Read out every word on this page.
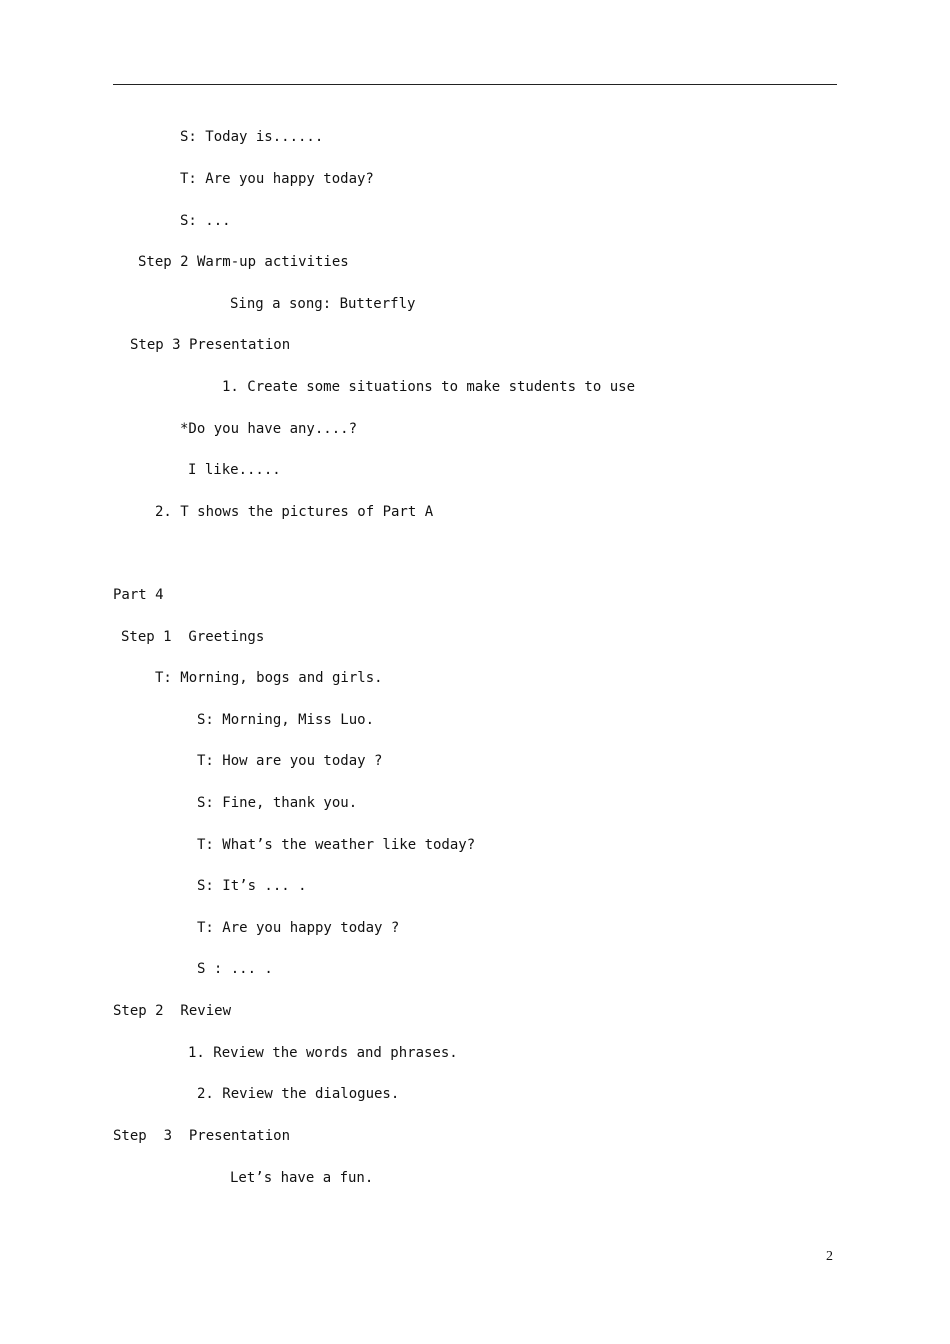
S: Today is......
T: Are you happy today?
S: ...
Step 2 Warm-up activities
Sing a song: Butterfly
Step 3 Presentation
1. Create some situations to make students to use
*Do you have any....?
I like.....
2. T shows the pictures of Part A
Part 4
Step 1  Greetings
T: Morning, bogs and girls.
S: Morning, Miss Luo.
T: How are you today ?
S: Fine, thank you.
T: What’s the weather like today?
S: It’s ... .
T: Are you happy today ?
S : ... .
Step 2  Review
1. Review the words and phrases.
2. Review the dialogues.
Step  3  Presentation
Let’s have a fun.
2
